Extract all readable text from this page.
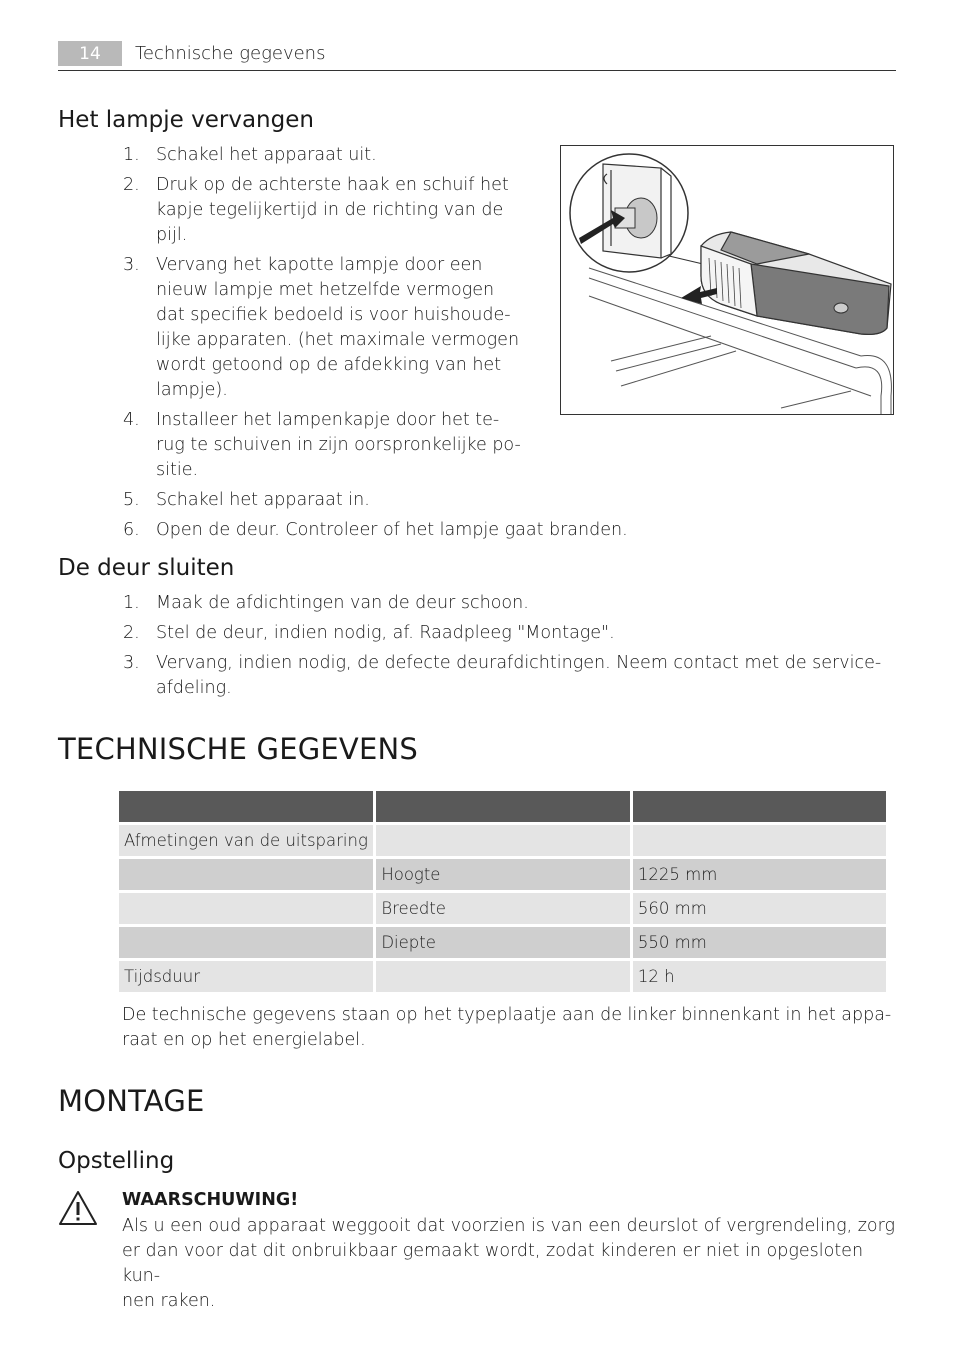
14	Technische gegevens
Het lampje vervangen
1. Schakel het apparaat uit.
2. Druk op de achterste haak en schuif het
kapje tegelijkertijd in de richting van de
pijl.
3. Vervang het kapotte lampje door een
nieuw lampje met hetzelfde vermogen
dat specifiek bedoeld is voor huishoude-
lijke apparaten. (het maximale vermogen
wordt getoond op de afdekking van het
lampje).
4. Installeer het lampenkapje door het te-
rug te schuiven in zijn oorspronkelijke po-
sitie.
5. Schakel het apparaat in.
6. Open de deur. Controleer of het lampje gaat branden.
De deur sluiten
1. Maak de afdichtingen van de deur schoon.
2. Stel de deur, indien nodig, af. Raadpleeg "Montage".
3. Vervang, indien nodig, de defecte deurafdichtingen. Neem contact met de service-
afdeling.
TECHNISCHE GEGEVENS

Afmetingen van de uitsparing		
	Hoogte	1225 mm
	Breedte	560 mm
	Diepte	550 mm
Tijdsduur		12 h
De technische gegevens staan op het typeplaatje aan de linker binnenkant in het appa-
raat en op het energielabel.
MONTAGE
Opstelling
WAARSCHUWING!
Als u een oud apparaat weggooit dat voorzien is van een deurslot of vergrendeling, zorg
er dan voor dat dit onbruikbaar gemaakt wordt, zodat kinderen er niet in opgesloten kun-
nen raken.
